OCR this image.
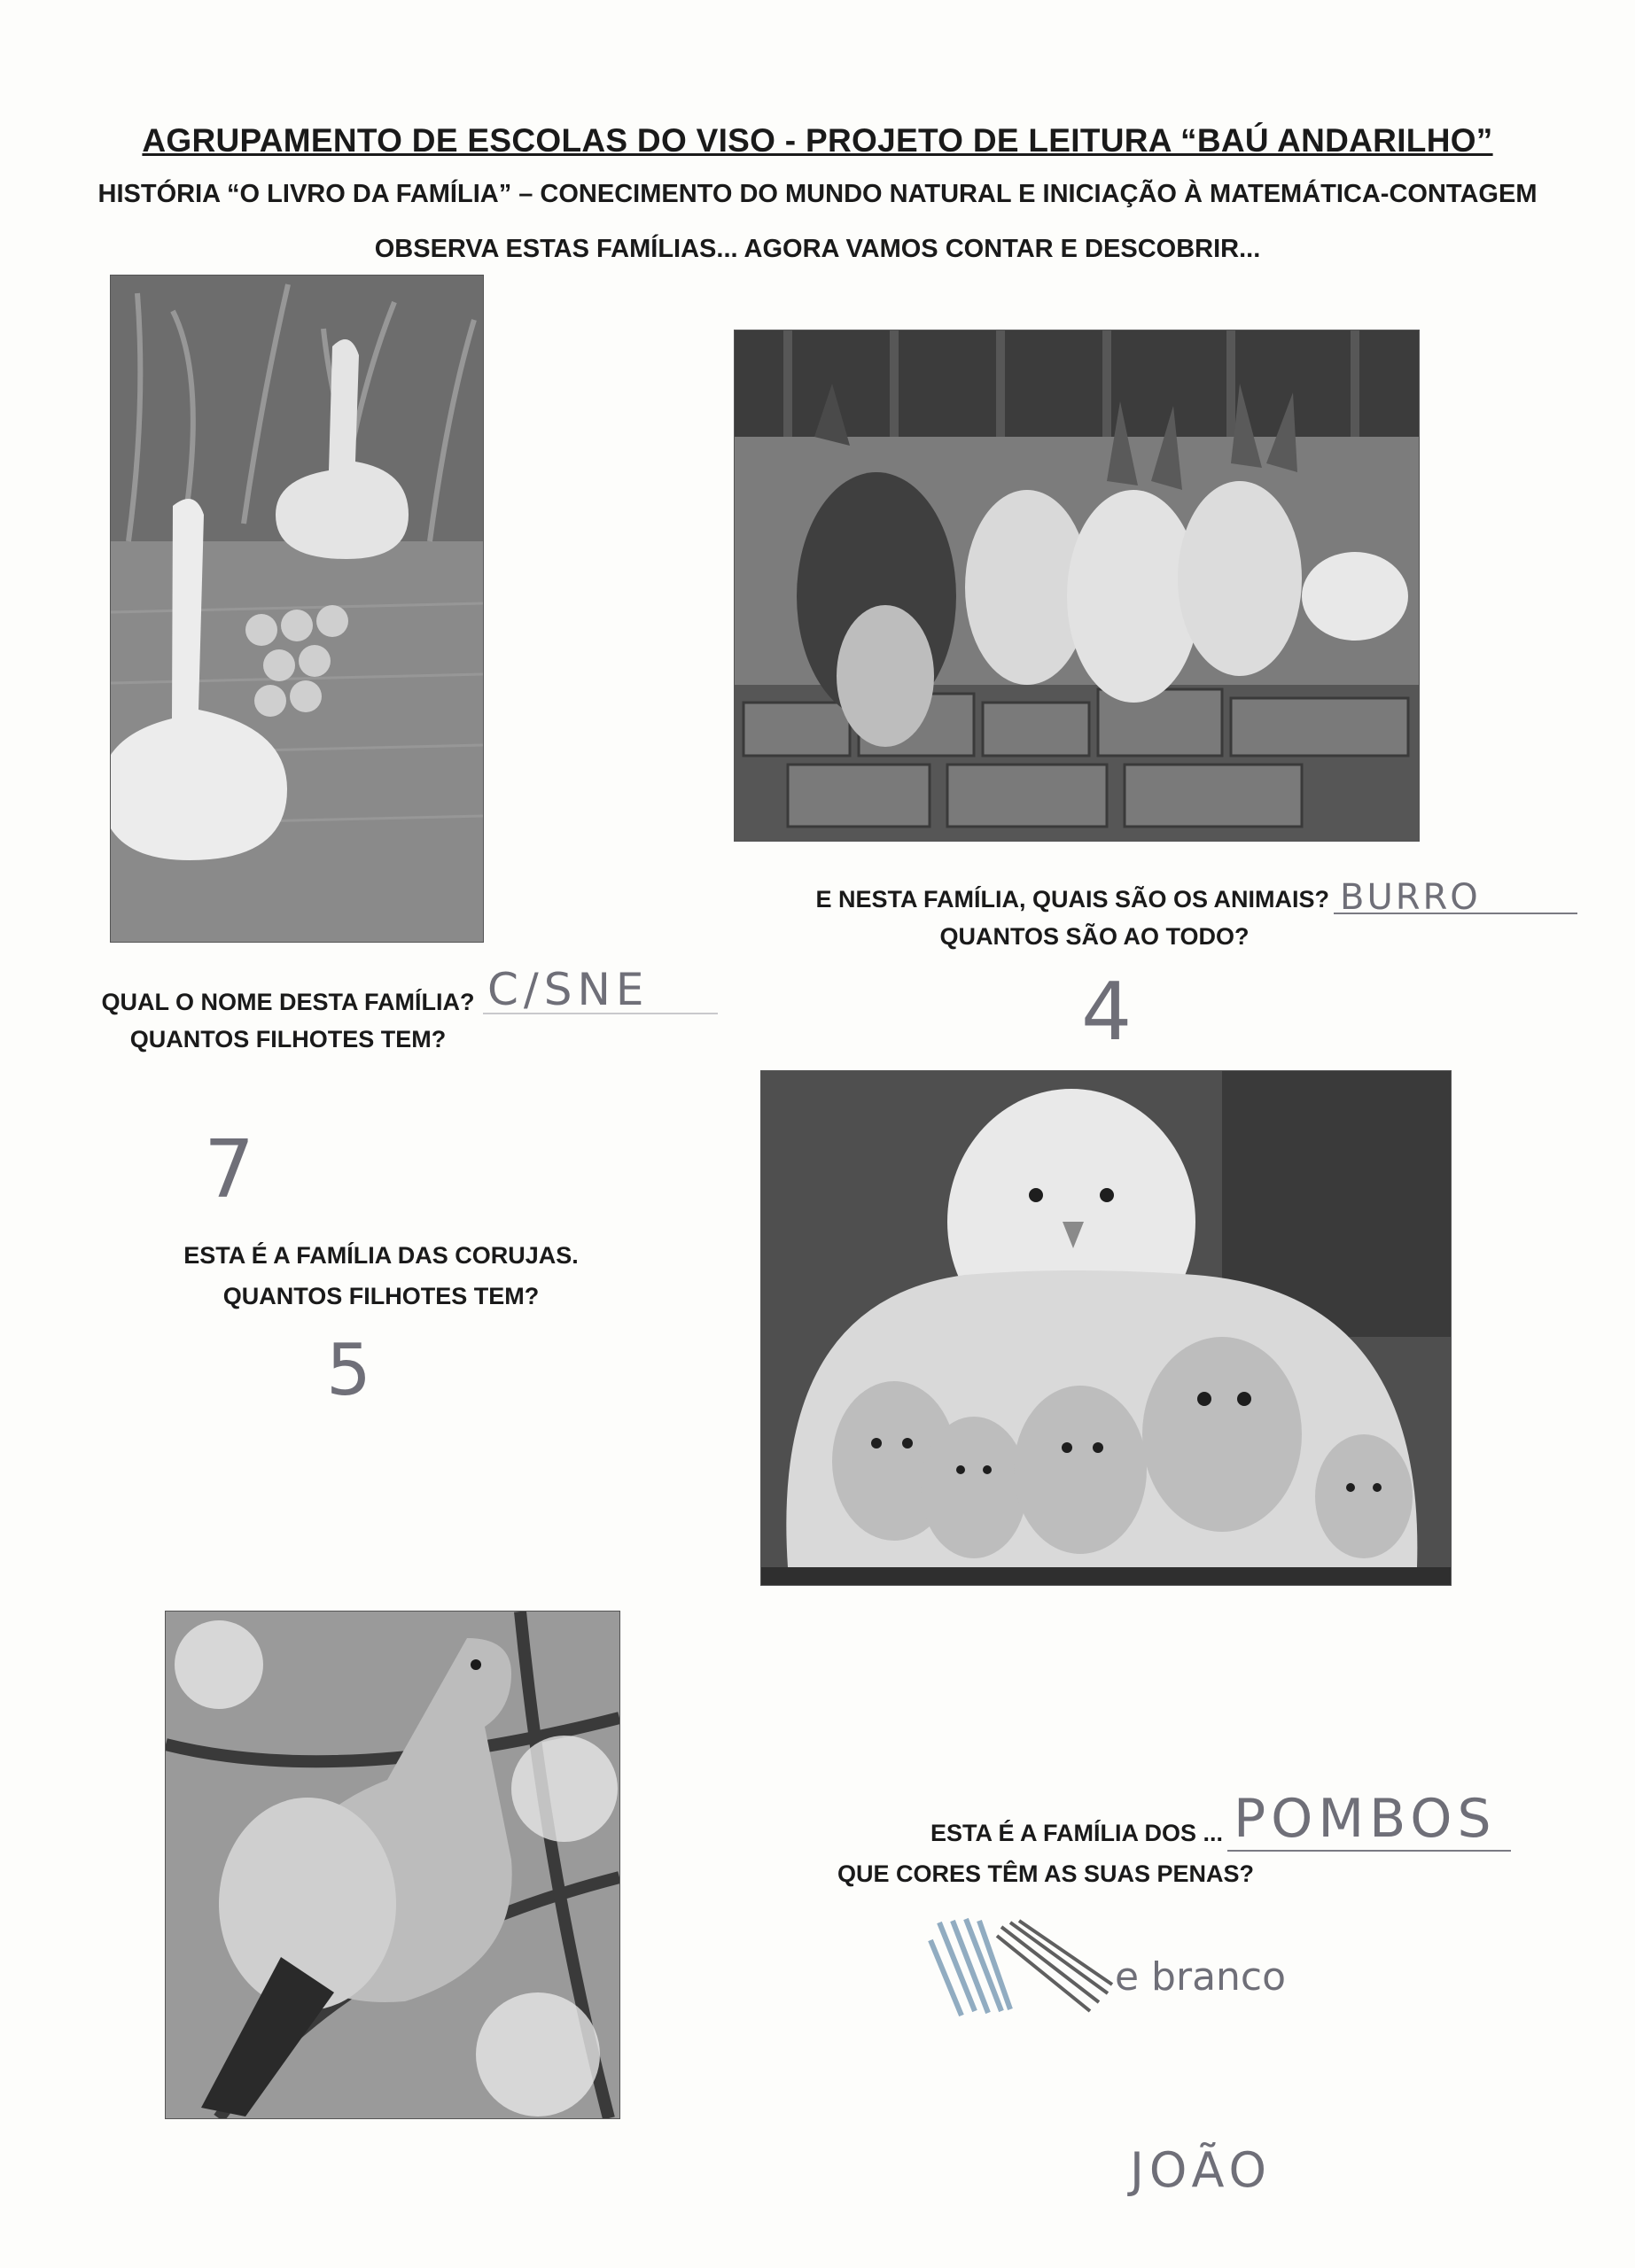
AGRUPAMENTO DE ESCOLAS DO VISO - PROJETO DE LEITURA “BAÚ ANDARILHO”
HISTÓRIA “O LIVRO DA FAMÍLIA” – CONECIMENTO DO MUNDO NATURAL E INICIAÇÃO À MATEMÁTICA-CONTAGEM
OBSERVA ESTAS FAMÍLIAS... AGORA VAMOS CONTAR E DESCOBRIR...
QUAL O NOME DESTA FAMÍLIA?
QUANTOS FILHOTES TEM?
C/SNE
7
E NESTA FAMÍLIA, QUAIS SÃO OS ANIMAIS?
QUANTOS SÃO AO TODO?
BURRO
4
ESTA É A FAMÍLIA DAS CORUJAS.
QUANTOS FILHOTES TEM?
5
ESTA É A FAMÍLIA DOS ...
QUE CORES TÊM AS SUAS PENAS?
POMBOS
e branco
JOÃO
